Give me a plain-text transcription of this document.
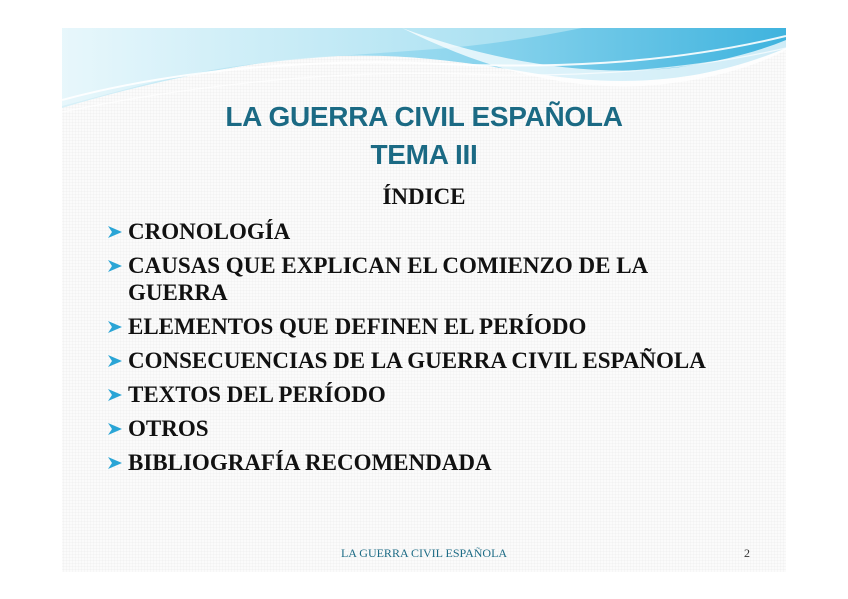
LA GUERRA CIVIL ESPAÑOLA
TEMA III
ÍNDICE
CRONOLOGÍA
CAUSAS QUE EXPLICAN EL COMIENZO DE LA GUERRA
ELEMENTOS QUE DEFINEN EL PERÍODO
CONSECUENCIAS DE LA GUERRA CIVIL ESPAÑOLA
TEXTOS DEL PERÍODO
OTROS
BIBLIOGRAFÍA RECOMENDADA
LA GUERRA CIVIL ESPAÑOLA	2
